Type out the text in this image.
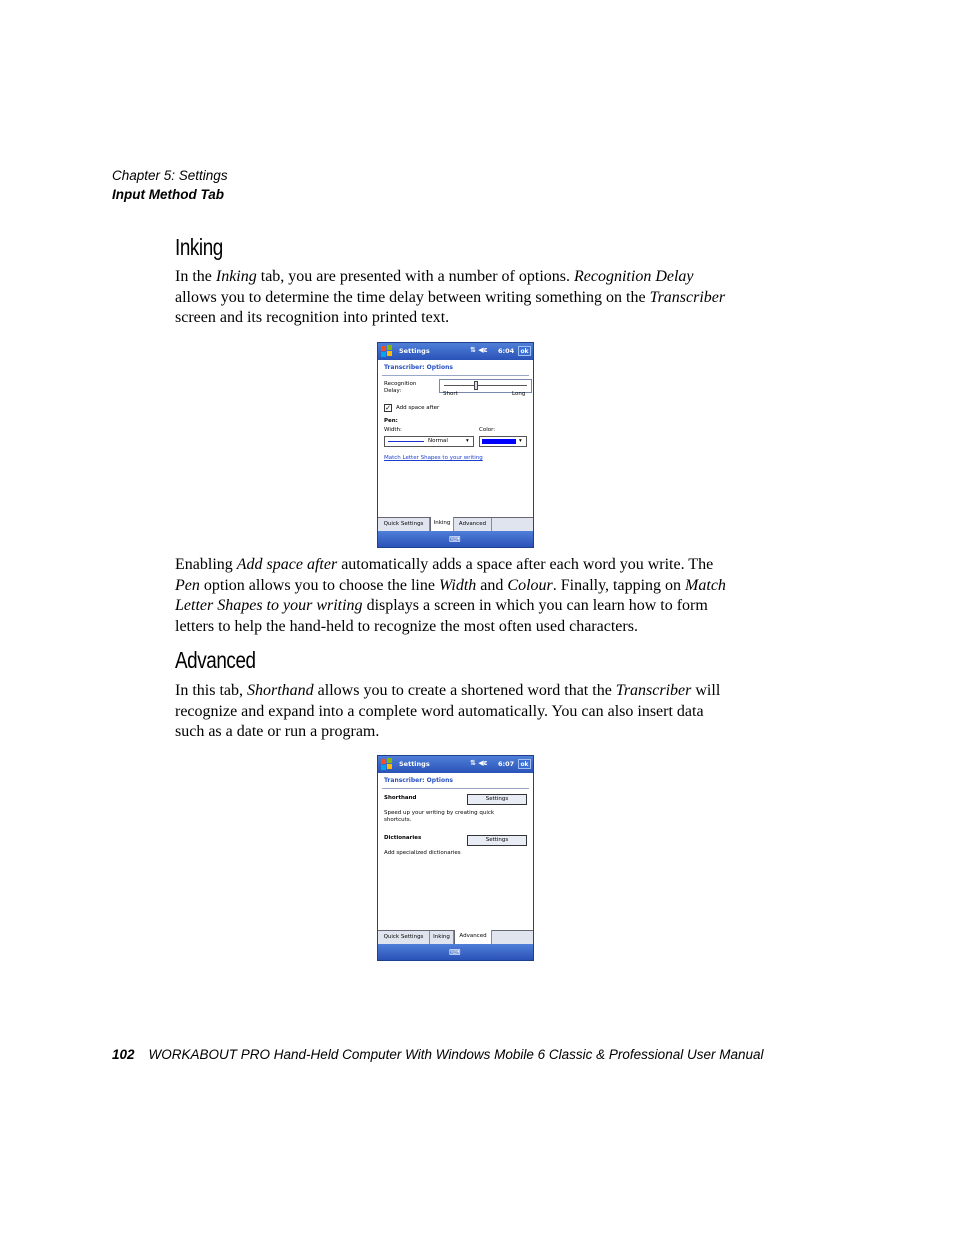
Chapter 5: Settings
Input Method Tab
Inking

In the Inking tab, you are presented with a number of options. Recognition Delay allows you to determine the time delay between writing something on the Transcriber screen and its recognition into printed text.

Settings	⇅ ◀ε 6:04	ok
Transcriber: Options
Recognition
Delay:	Short	Long
✓ Add space after
Pen:
Width:	Color:
Normal	▾	▾
Match Letter Shapes to your writing
Quick Settings	Inking	Advanced
⌨

Enabling Add space after automatically adds a space after each word you write. The Pen option allows you to choose the line Width and Colour. Finally, tapping on Match Letter Shapes to your writing displays a screen in which you can learn how to form letters to help the hand-held to recognize the most often used characters.

Advanced

In this tab, Shorthand allows you to create a shortened word that the Transcriber will recognize and expand into a complete word automatically. You can also insert data such as a date or run a program.

Settings	⇅ ◀ε 6:07	ok
Transcriber: Options
Shorthand	Settings
Speed up your writing by creating quick
shortcuts.
Dictionaries	Settings
Add specialized dictionaries
Quick Settings	Inking	Advanced
⌨
102 WORKABOUT PRO Hand-Held Computer With Windows Mobile 6 Classic & Professional User Manual
